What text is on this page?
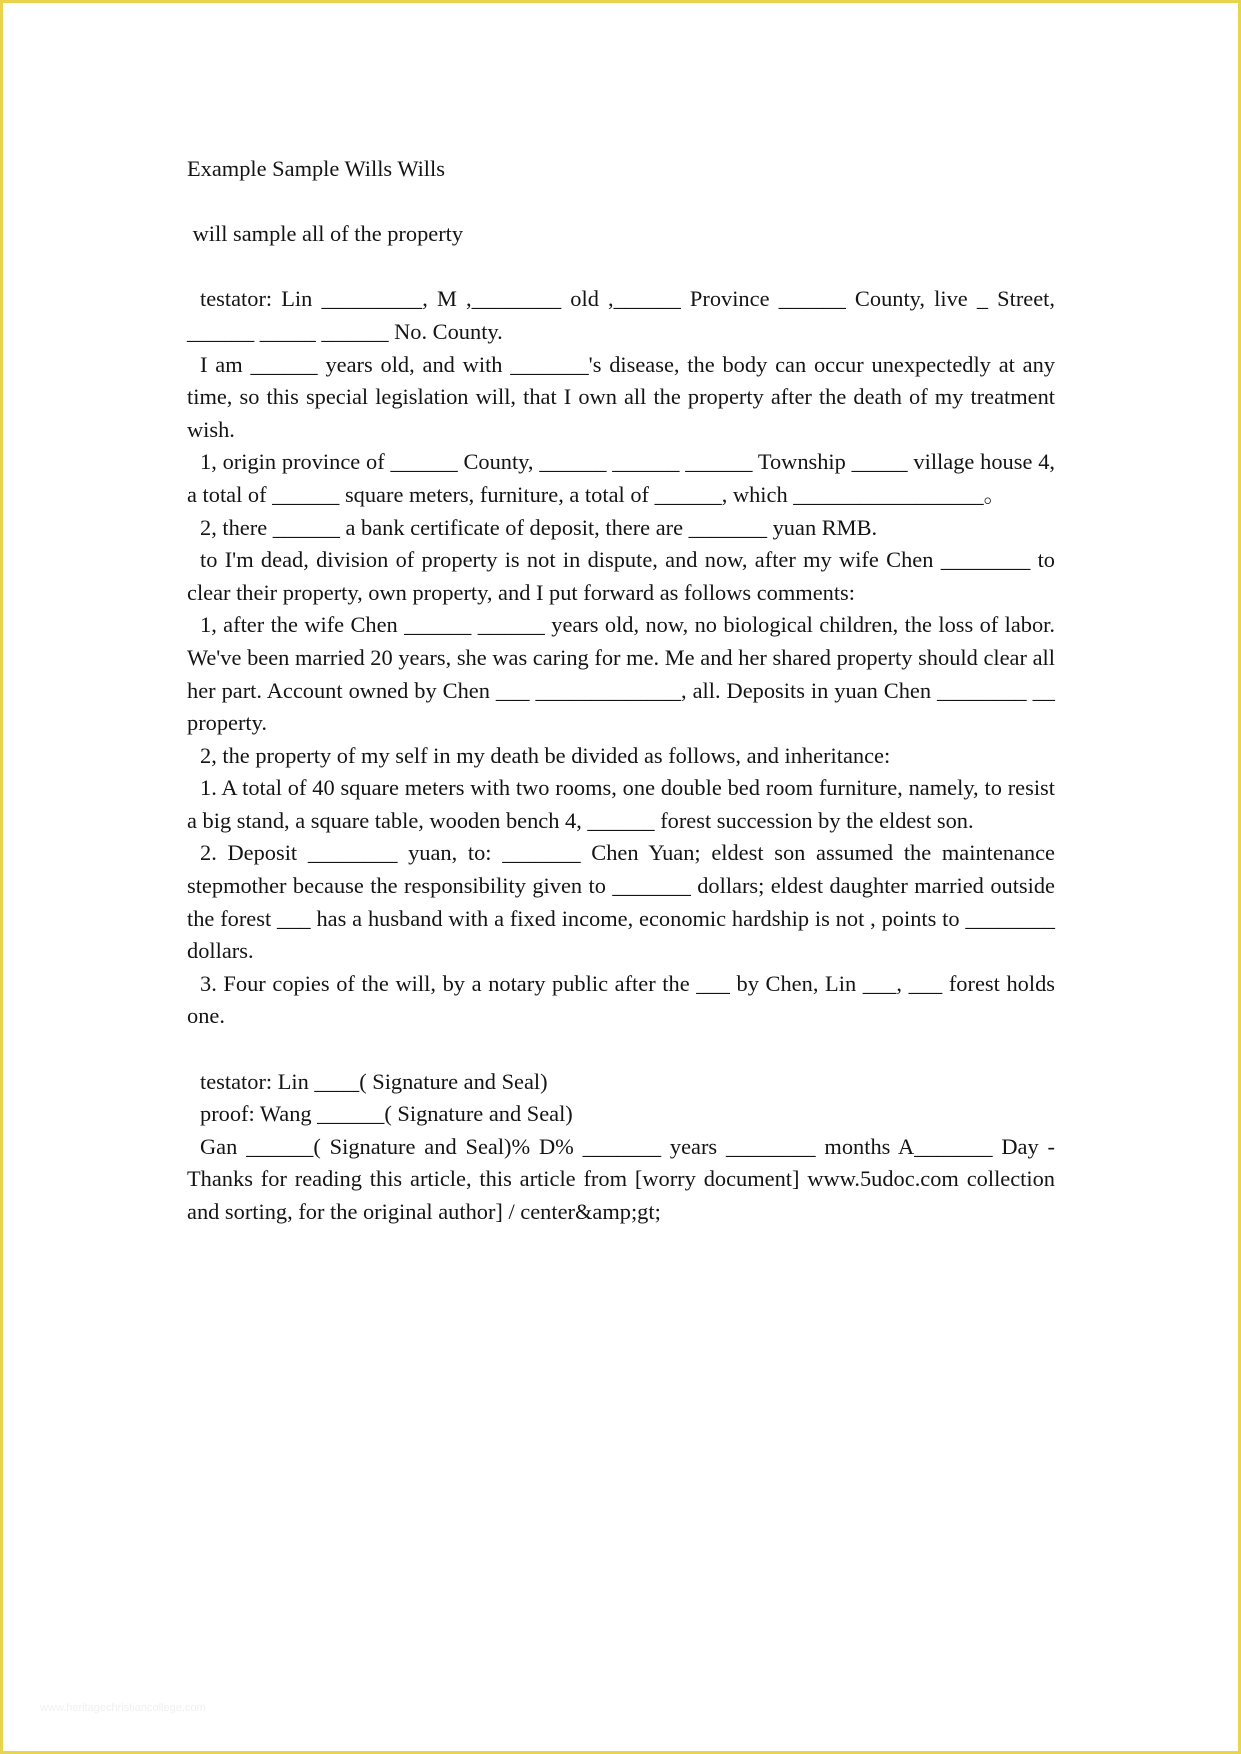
Example Sample Wills Wills
will sample all of the property

testator: Lin _________, M ,________ old ,______ Province ______ County, live _ Street, ______ _____ ______ No. County.

I am ______ years old, and with _______'s disease, the body can occur unexpectedly at any time, so this special legislation will, that I own all the property after the death of my treatment wish.

1, origin province of ______ County, ______ ______ ______ Township _____ village house 4, a total of ______ square meters, furniture, a total of ______, which _________________。

2, there ______ a bank certificate of deposit, there are _______ yuan RMB.

to I'm dead, division of property is not in dispute, and now, after my wife Chen ________ to clear their property, own property, and I put forward as follows comments:

1, after the wife Chen ______ ______ years old, now, no biological children, the loss of labor. We've been married 20 years, she was caring for me. Me and her shared property should clear all her part. Account owned by Chen ___ _____________, all. Deposits in yuan Chen ________ __ property.

2, the property of my self in my death be divided as follows, and inheritance:

1. A total of 40 square meters with two rooms, one double bed room furniture, namely, to resist a big stand, a square table, wooden bench 4, ______ forest succession by the eldest son.

2. Deposit ________ yuan, to: _______ Chen Yuan; eldest son assumed the maintenance stepmother because the responsibility given to _______ dollars; eldest daughter married outside the forest ___ has a husband with a fixed income, economic hardship is not , points to ________ dollars.

3. Four copies of the will, by a notary public after the ___ by Chen, Lin ___, ___ forest holds one.

testator: Lin ____( Signature and Seal)

proof: Wang ______( Signature and Seal)

Gan ______( Signature and Seal)% D% _______ years ________ months A_______ Day - Thanks for reading this article, this article from [worry document] www.5udoc.com collection and sorting, for the original author] / center&amp;gt;

www.heritagechristiancollege.com
